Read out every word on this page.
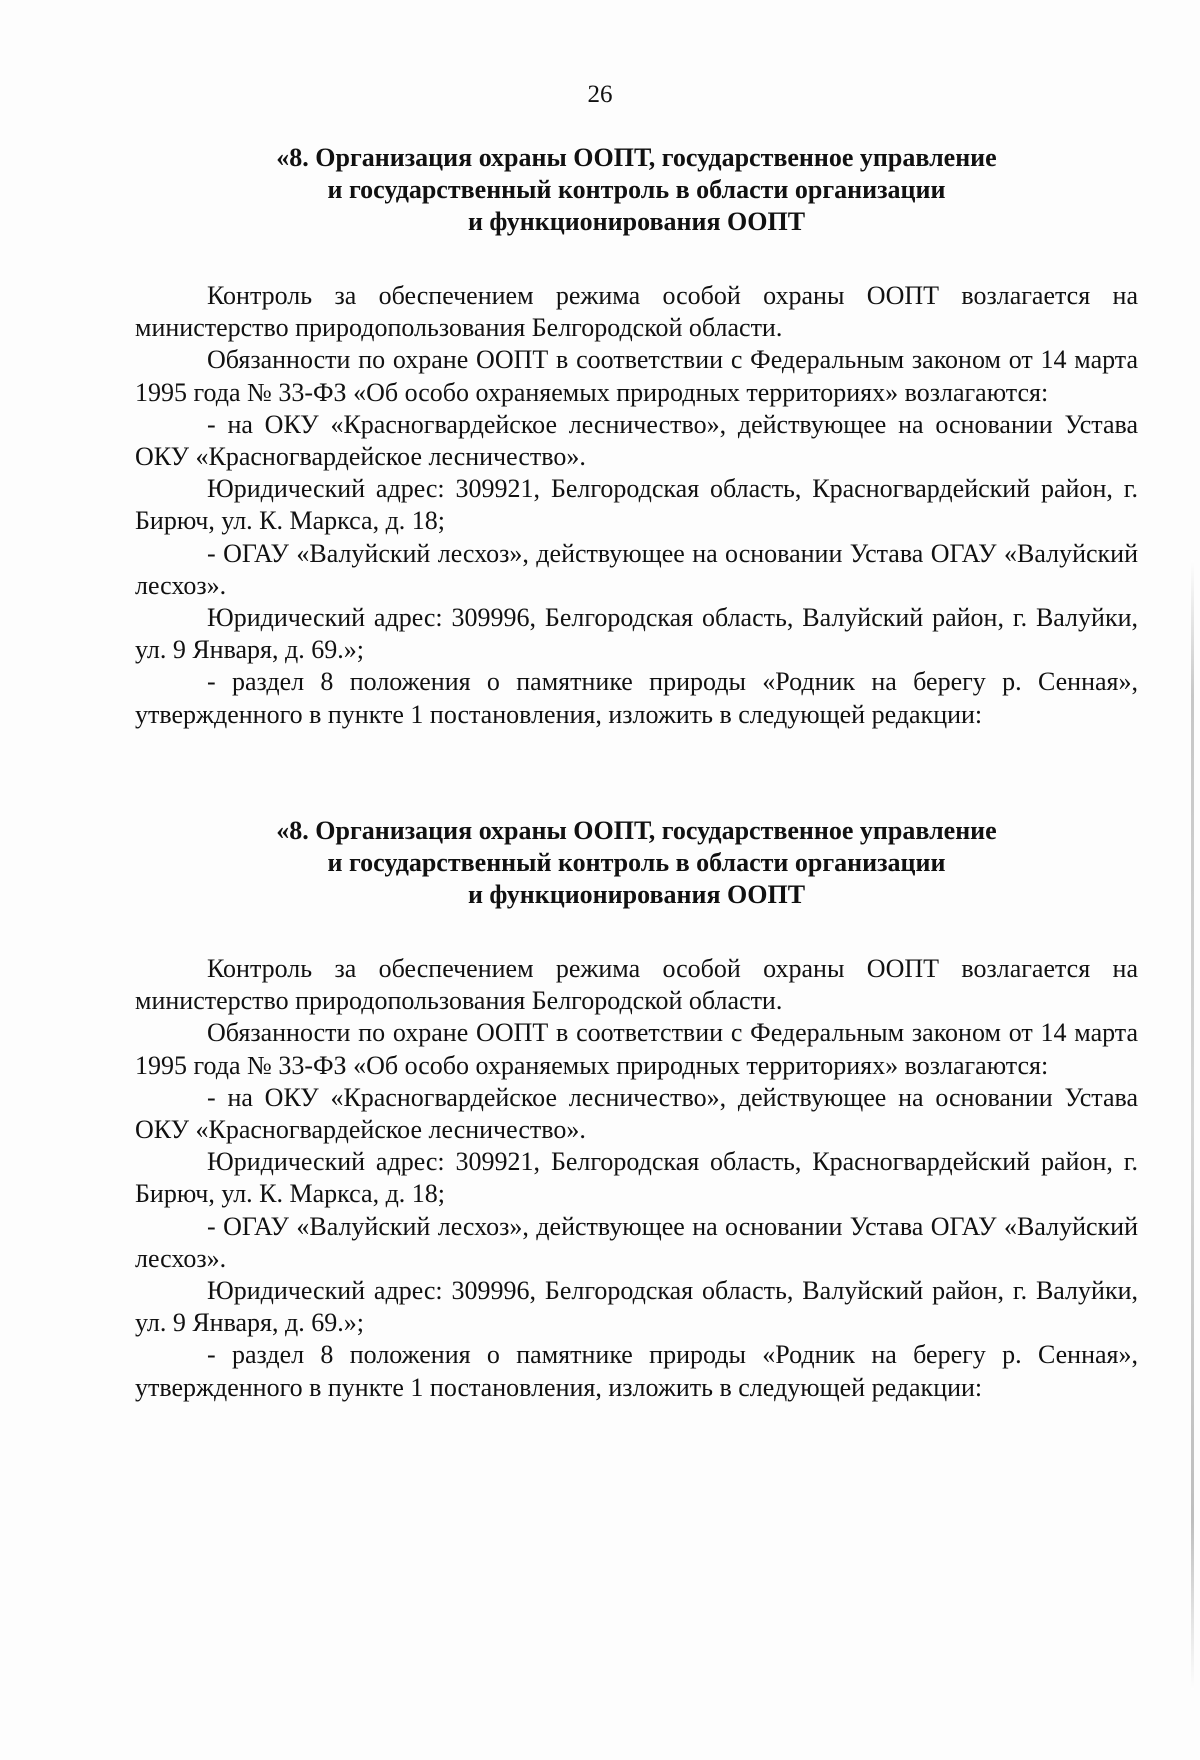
26
«8. Организация охраны ООПТ, государственное управление
и государственный контроль в области организации
и функционирования ООПТ

Контроль за обеспечением режима особой охраны ООПТ возлагается на министерство природопользования Белгородской области.

Обязанности по охране ООПТ в соответствии с Федеральным законом от 14 марта 1995 года № 33-ФЗ «Об особо охраняемых природных территориях» возлагаются:

- на ОКУ «Красногвардейское лесничество», действующее на основании Устава ОКУ «Красногвардейское лесничество».

Юридический адрес: 309921, Белгородская область, Красногвардейский район, г. Бирюч, ул. К. Маркса, д. 18;

- ОГАУ «Валуйский лесхоз», действующее на основании Устава ОГАУ «Валуйский лесхоз».

Юридический адрес: 309996, Белгородская область, Валуйский район, г. Валуйки, ул. 9 Января, д. 69.»;

- раздел 8 положения о памятнике природы «Родник на берегу р. Сенная», утвержденного в пункте 1 постановления, изложить в следующей редакции:

«8. Организация охраны ООПТ, государственное управление
и государственный контроль в области организации
и функционирования ООПТ

Контроль за обеспечением режима особой охраны ООПТ возлагается на министерство природопользования Белгородской области.

Обязанности по охране ООПТ в соответствии с Федеральным законом от 14 марта 1995 года № 33-ФЗ «Об особо охраняемых природных территориях» возлагаются:

- на ОКУ «Красногвардейское лесничество», действующее на основании Устава ОКУ «Красногвардейское лесничество».

Юридический адрес: 309921, Белгородская область, Красногвардейский район, г. Бирюч, ул. К. Маркса, д. 18;

- ОГАУ «Валуйский лесхоз», действующее на основании Устава ОГАУ «Валуйский лесхоз».

Юридический адрес: 309996, Белгородская область, Валуйский район, г. Валуйки, ул. 9 Января, д. 69.»;

- раздел 8 положения о памятнике природы «Родник на берегу р. Сенная», утвержденного в пункте 1 постановления, изложить в следующей редакции:
